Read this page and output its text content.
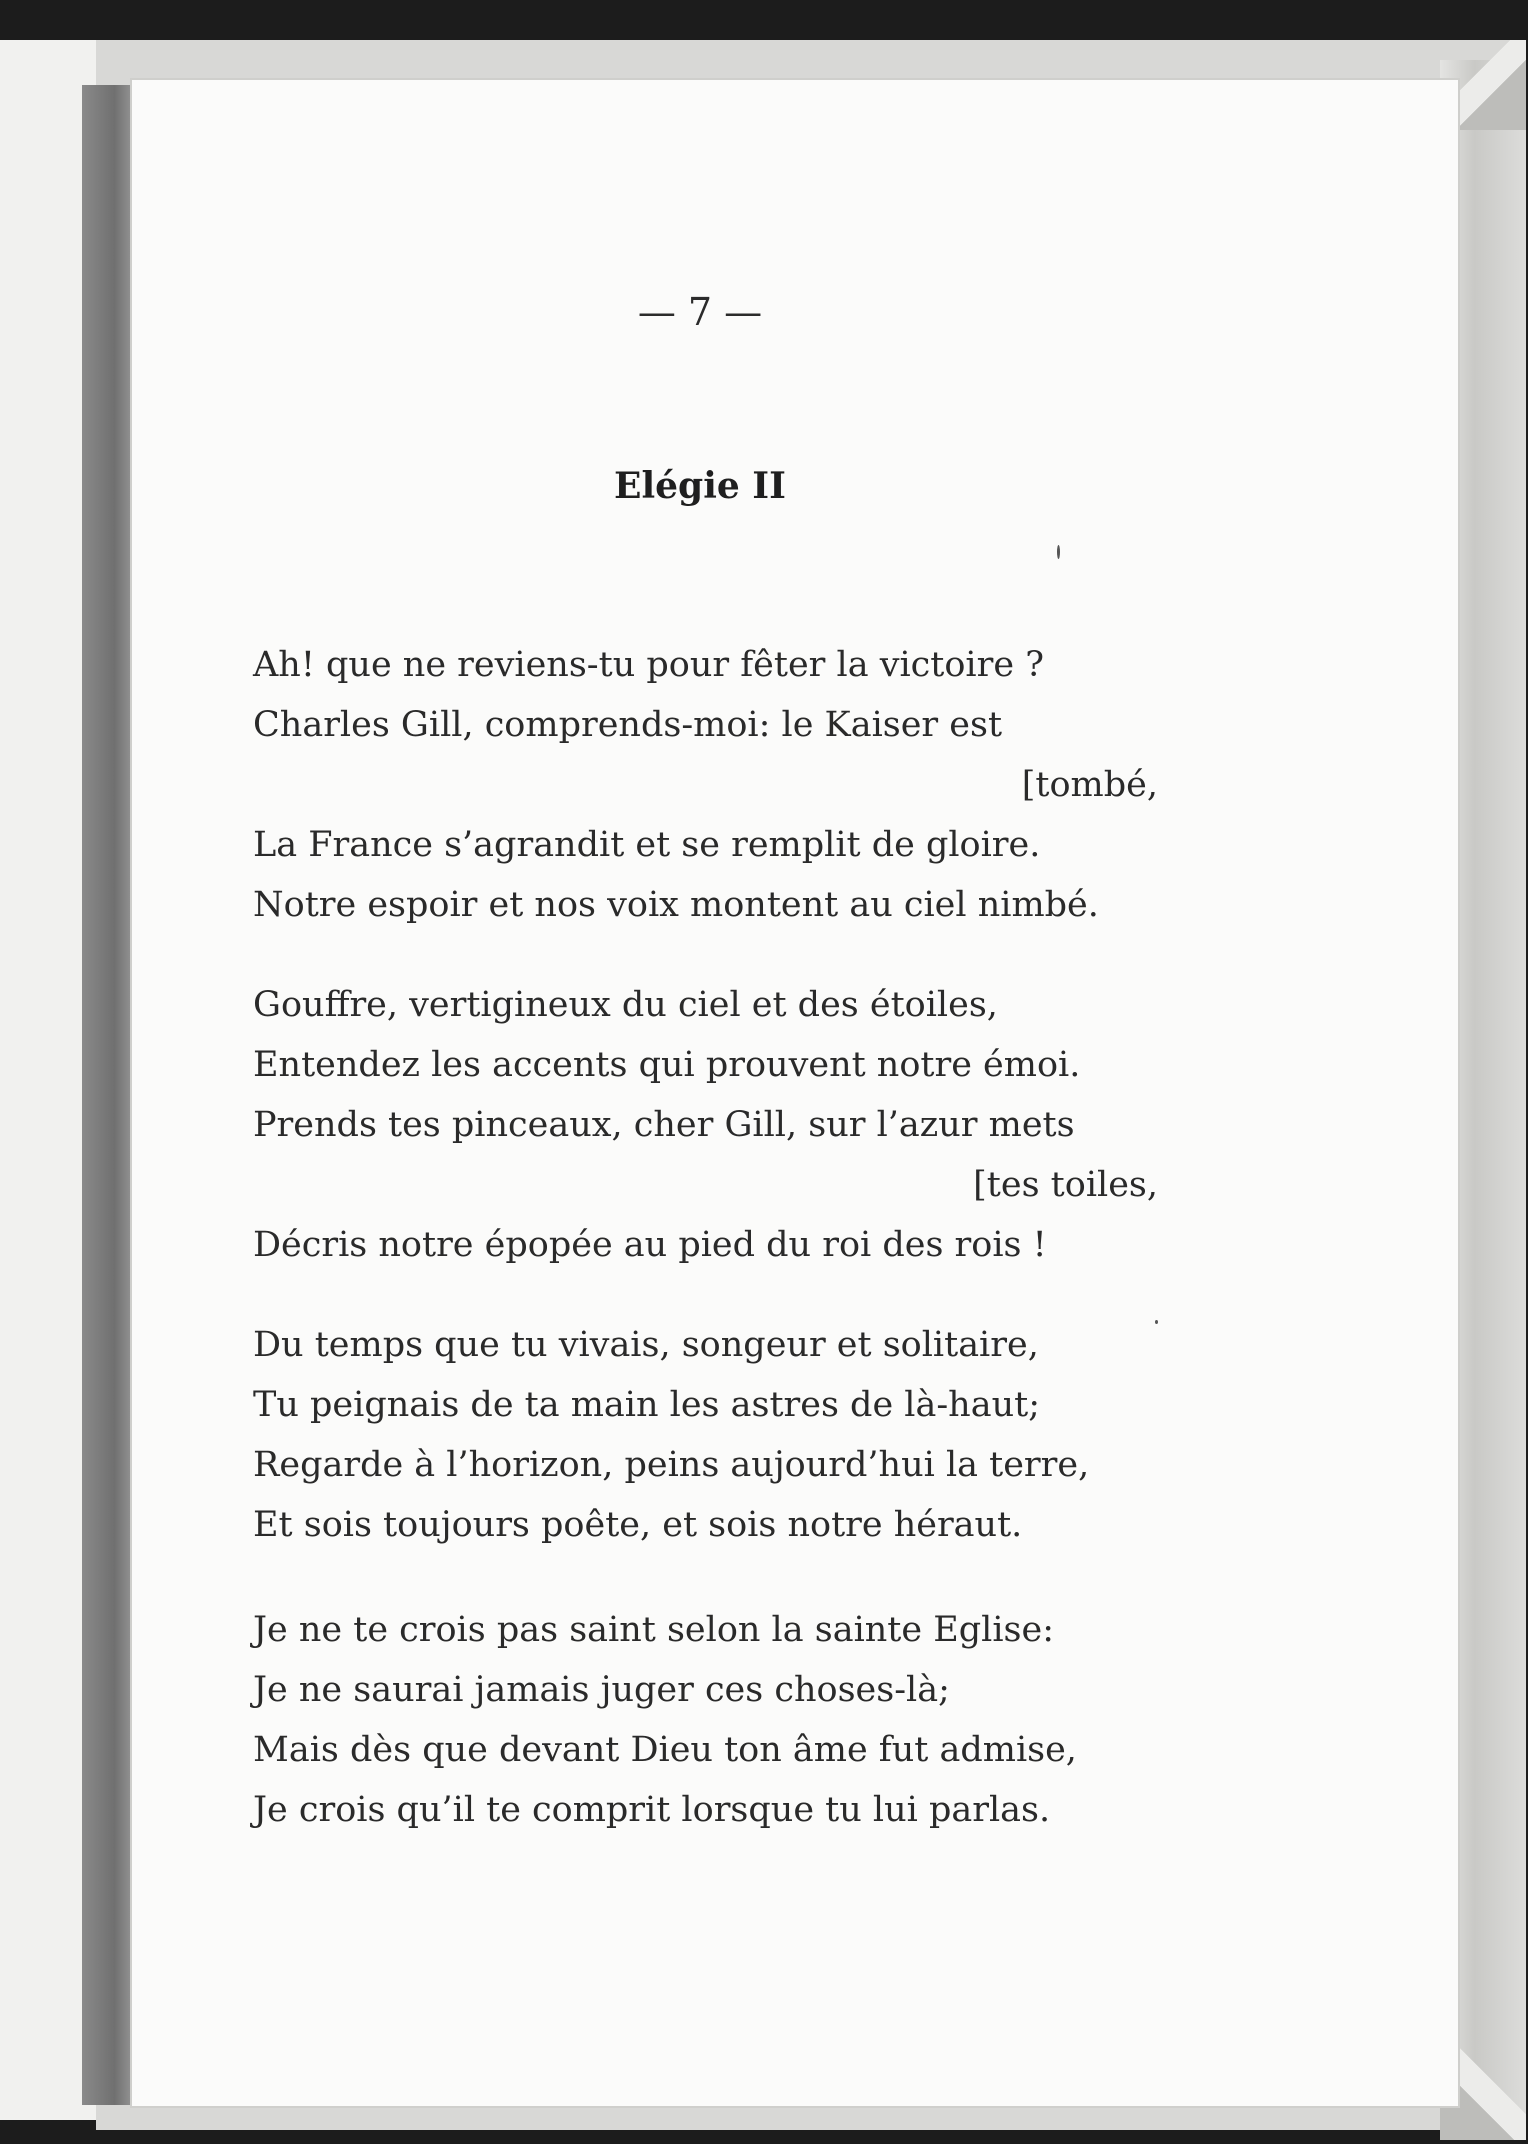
— 7 —
Elégie II
Ah! que ne reviens-tu pour fêter la victoire ?
Charles Gill, comprends-moi: le Kaiser est
[tombé,
La France s’agrandit et se remplit de gloire.
Notre espoir et nos voix montent au ciel nimbé.
Gouffre, vertigineux du ciel et des étoiles,
Entendez les accents qui prouvent notre émoi.
Prends tes pinceaux, cher Gill, sur l’azur mets
[tes toiles,
Décris notre épopée au pied du roi des rois !
Du temps que tu vivais, songeur et solitaire,
Tu peignais de ta main les astres de là-haut;
Regarde à l’horizon, peins aujourd’hui la terre,
Et sois toujours poête, et sois notre héraut.
Je ne te crois pas saint selon la sainte Eglise:
Je ne saurai jamais juger ces choses-là;
Mais dès que devant Dieu ton âme fut admise,
Je crois qu’il te comprit lorsque tu lui parlas.
